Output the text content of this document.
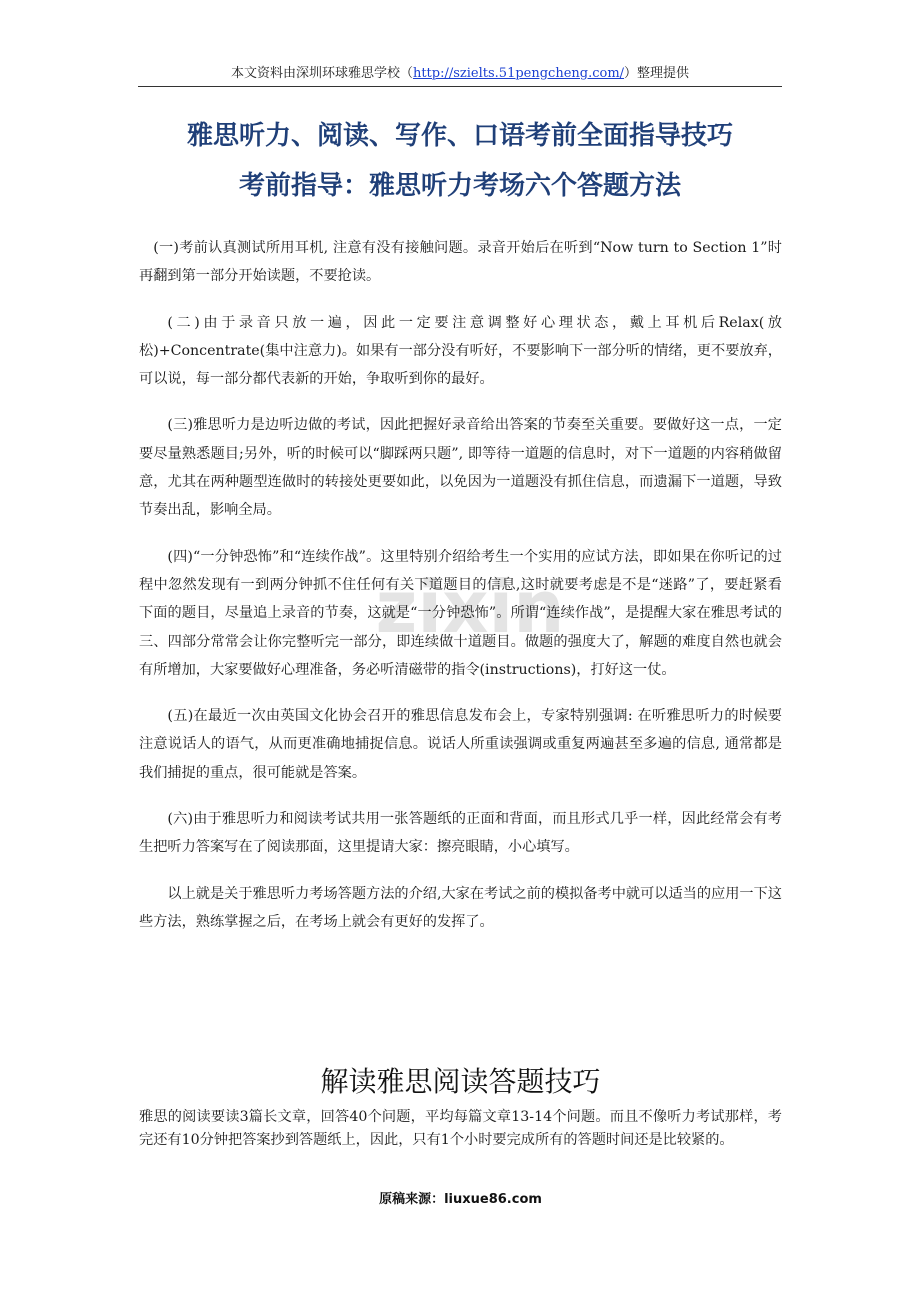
本文资料由深圳环球雅思学校（http://szielts.51pengcheng.com/）整理提供
雅思听力、阅读、写作、口语考前全面指导技巧
考前指导：雅思听力考场六个答题方法

(一)考前认真测试所用耳机, 注意有没有接触问题。录音开始后在听到“Now turn to Section 1”时再翻到第一部分开始读题，不要抢读。

(二)由于录音只放一遍，因此一定要注意调整好心理状态，戴上耳机后Relax(放松)+Concentrate(集中注意力)。如果有一部分没有听好，不要影响下一部分听的情绪，更不要放弃，可以说，每一部分都代表新的开始，争取听到你的最好。

(三)雅思听力是边听边做的考试，因此把握好录音给出答案的节奏至关重要。要做好这一点，一定要尽量熟悉题目;另外，听的时候可以“脚踩两只题”, 即等待一道题的信息时，对下一道题的内容稍做留意，尤其在两种题型连做时的转接处更要如此，以免因为一道题没有抓住信息，而遗漏下一道题，导致节奏出乱，影响全局。

(四)“一分钟恐怖”和“连续作战”。这里特别介绍给考生一个实用的应试方法，即如果在你听记的过程中忽然发现有一到两分钟抓不住任何有关下道题目的信息,这时就要考虑是不是“迷路”了，要赶紧看下面的题目，尽量追上录音的节奏，这就是“一分钟恐怖”。所谓“连续作战”，是提醒大家在雅思考试的三、四部分常常会让你完整听完一部分，即连续做十道题目。做题的强度大了，解题的难度自然也就会有所增加，大家要做好心理准备，务必听清磁带的指令(instructions)，打好这一仗。

(五)在最近一次由英国文化协会召开的雅思信息发布会上，专家特别强调: 在听雅思听力的时候要注意说话人的语气，从而更准确地捕捉信息。说话人所重读强调或重复两遍甚至多遍的信息, 通常都是我们捕捉的重点，很可能就是答案。

(六)由于雅思听力和阅读考试共用一张答题纸的正面和背面，而且形式几乎一样，因此经常会有考生把听力答案写在了阅读那面，这里提请大家：擦亮眼睛，小心填写。

以上就是关于雅思听力考场答题方法的介绍,大家在考试之前的模拟备考中就可以适当的应用一下这些方法，熟练掌握之后，在考场上就会有更好的发挥了。

zixin
解读雅思阅读答题技巧

雅思的阅读要读3篇长文章，回答40个问题，平均每篇文章13-14个问题。而且不像听力考试那样，考完还有10分钟把答案抄到答题纸上，因此，只有1个小时要完成所有的答题时间还是比较紧的。

原稿来源：liuxue86.com
